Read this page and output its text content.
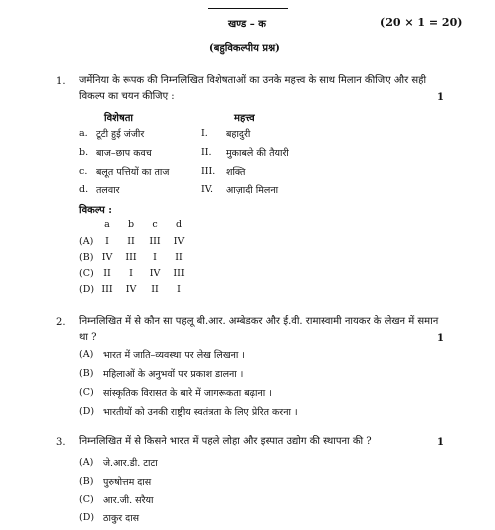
खण्ड – क	(20 × 1 = 20)
(बहुविकल्पीय प्रश्न)
1. जर्मेनिया के रूपक की निम्नलिखित विशेषताओं का उनके महत्त्व के साथ मिलान कीजिए और सही
विकल्प का चयन कीजिए :	1
विशेषता	महत्त्व
a. टूटी हुई जंजीर	I. बहादुरी
b. बाज–छाप कवच	II. मुकाबले की तैयारी
c. बलूत पत्तियों का ताज	III. शक्ति
d. तलवार	IV. आज़ादी मिलना
विकल्प :
a	b	c	d
(A)	I	II	III	IV
(B) IV	III	I	II
(C)	II	I	IV	III
(D) III	IV	II	I
2. निम्नलिखित में से कौन सा पहलू बी.आर. अम्बेडकर और ई.वी. रामास्वामी नायकर के लेखन में समान
था ?	1
(A) भारत में जाति–व्यवस्था पर लेख लिखना ।
(B) महिलाओं के अनुभवों पर प्रकाश डालना ।
(C) सांस्कृतिक विरासत के बारे में जागरूकता बढ़ाना ।
(D) भारतीयों को उनकी राष्ट्रीय स्वतंत्रता के लिए प्रेरित करना ।
3. निम्नलिखित में से किसने भारत में पहले लोहा और इस्पात उद्योग की स्थापना की ?	1
(A) जे.आर.डी. टाटा
(B) पुरुषोत्तम दास
(C) आर.जी. सरैया
(D) ठाकुर दास
